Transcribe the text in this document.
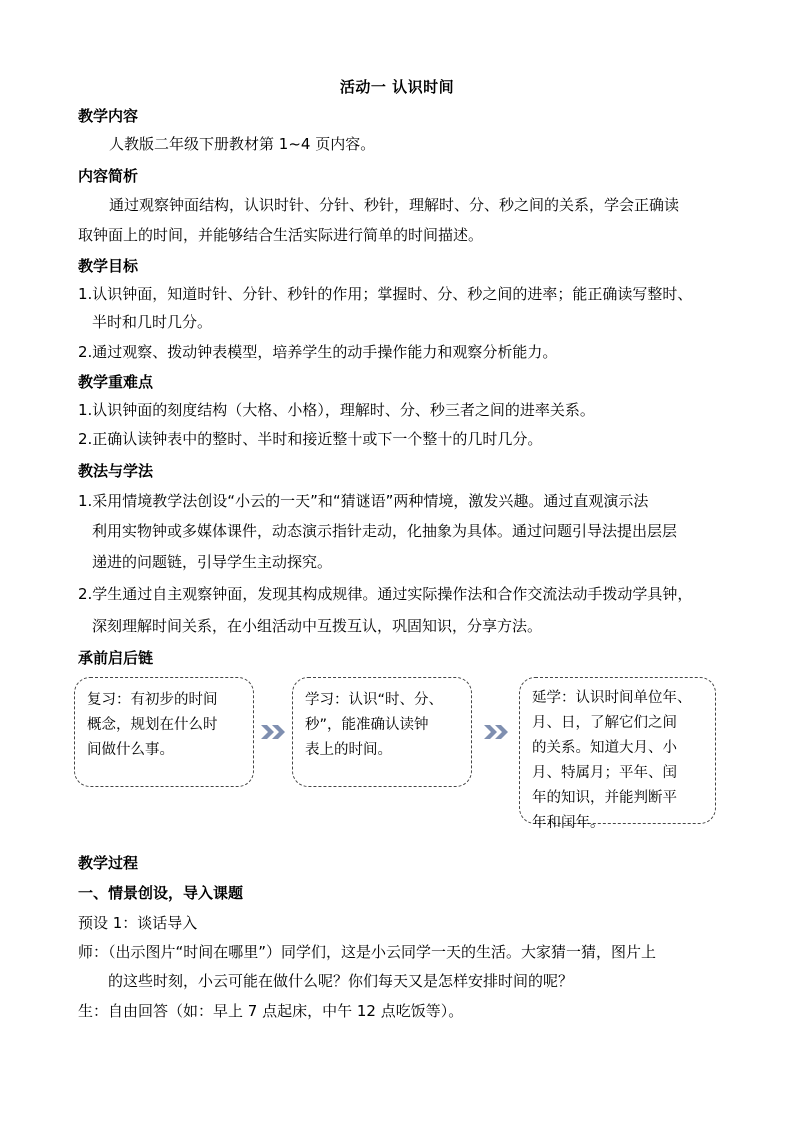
活动一 认识时间
教学内容
人教版二年级下册教材第 1~4 页内容。
内容简析
通过观察钟面结构，认识时针、分针、秒针，理解时、分、秒之间的关系，学会正确读
取钟面上的时间，并能够结合生活实际进行简单的时间描述。
教学目标
1.认识钟面，知道时针、分针、秒针的作用；掌握时、分、秒之间的进率；能正确读写整时、
半时和几时几分。
2.通过观察、拨动钟表模型，培养学生的动手操作能力和观察分析能力。
教学重难点
1.认识钟面的刻度结构（大格、小格），理解时、分、秒三者之间的进率关系。
2.正确认读钟表中的整时、半时和接近整十或下一个整十的几时几分。
教法与学法
1.采用情境教学法创设“小云的一天”和“猜谜语”两种情境，激发兴趣。通过直观演示法
利用实物钟或多媒体课件，动态演示指针走动，化抽象为具体。通过问题引导法提出层层
递进的问题链，引导学生主动探究。
2.学生通过自主观察钟面，发现其构成规律。通过实际操作法和合作交流法动手拨动学具钟，
深刻理解时间关系，在小组活动中互拨互认，巩固知识，分享方法。
承前启后链
复习：有初步的时间
概念，规划在什么时
间做什么事。
学习：认识“时、分、
秒”，能准确认读钟
表上的时间。
延学：认识时间单位年、
月、日，了解它们之间
的关系。知道大月、小
月、特属月；平年、闰
年的知识，并能判断平
年和闰年。
教学过程
一、情景创设，导入课题
预设 1：谈话导入
师：（出示图片“时间在哪里”）同学们，这是小云同学一天的生活。大家猜一猜，图片上
的这些时刻，小云可能在做什么呢？你们每天又是怎样安排时间的呢？
生：自由回答（如：早上 7 点起床，中午 12 点吃饭等）。
